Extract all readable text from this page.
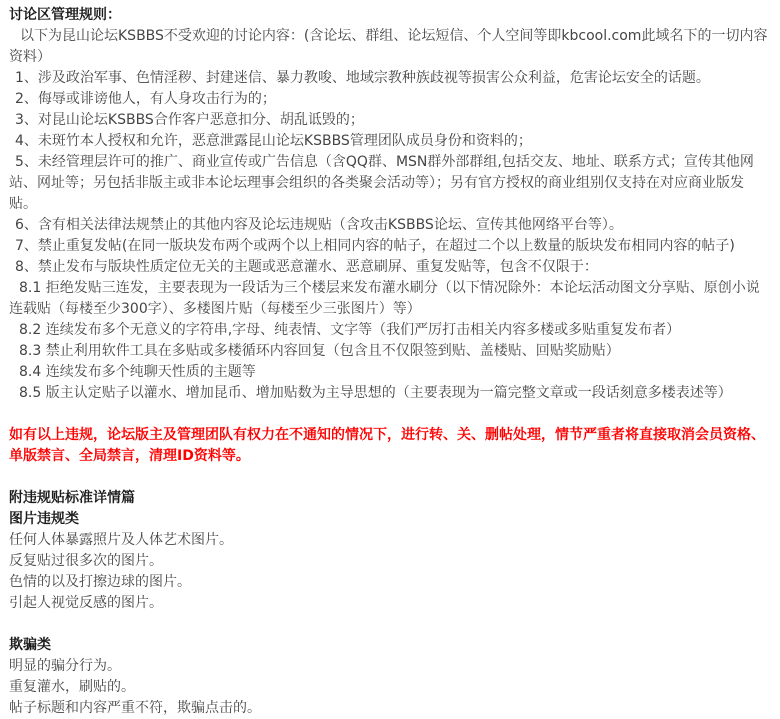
讨论区管理规则：

以下为昆山论坛KSBBS不受欢迎的讨论内容：(含论坛、群组、论坛短信、个人空间等即kbcool.com此域名下的一切内容资料）

1、涉及政治军事、色情淫秽、封建迷信、暴力教唆、地域宗教种族歧视等损害公众利益，危害论坛安全的话题。

2、侮辱或诽谤他人，有人身攻击行为的；

3、对昆山论坛KSBBS合作客户恶意扣分、胡乱诋毁的；

4、未斑竹本人授权和允许，恶意泄露昆山论坛KSBBS管理团队成员身份和资料的；

5、未经管理层许可的推广、商业宣传或广告信息（含QQ群、MSN群外部群组,包括交友、地址、联系方式；宣传其他网站、网址等；另包括非版主或非本论坛理事会组织的各类聚会活动等）；另有官方授权的商业组别仅支持在对应商业版发贴。

6、含有相关法律法规禁止的其他内容及论坛违规贴（含攻击KSBBS论坛、宣传其他网络平台等）。

7、禁止重复发帖(在同一版块发布两个或两个以上相同内容的帖子，在超过二个以上数量的版块发布相同内容的帖子)

8、禁止发布与版块性质定位无关的主题或恶意灌水、恶意刷屏、重复发贴等，包含不仅限于：

8.1 拒绝发贴三连发，主要表现为一段话为三个楼层来发布灌水刷分（以下情况除外：本论坛活动图文分享贴、原创小说连载贴（每楼至少300字）、多楼图片贴（每楼至少三张图片）等）

8.2 连续发布多个无意义的字符串,字母、纯表情、文字等（我们严厉打击相关内容多楼或多贴重复发布者）

8.3 禁止利用软件工具在多贴或多楼循环内容回复（包含且不仅限签到贴、盖楼贴、回贴奖励贴）

8.4 连续发布多个纯聊天性质的主题等

8.5 版主认定贴子以灌水、增加昆币、增加贴数为主导思想的（主要表现为一篇完整文章或一段话刻意多楼表述等）

如有以上违规，论坛版主及管理团队有权力在不通知的情况下，进行转、关、删帖处理，情节严重者将直接取消会员资格、单版禁言、全局禁言，清理ID资料等。

附违规贴标准详情篇

图片违规类

任何人体暴露照片及人体艺术图片。

反复贴过很多次的图片。

色情的以及打擦边球的图片。

引起人视觉反感的图片。

欺骗类

明显的骗分行为。

重复灌水，刷贴的。

帖子标题和内容严重不符，欺骗点击的。
